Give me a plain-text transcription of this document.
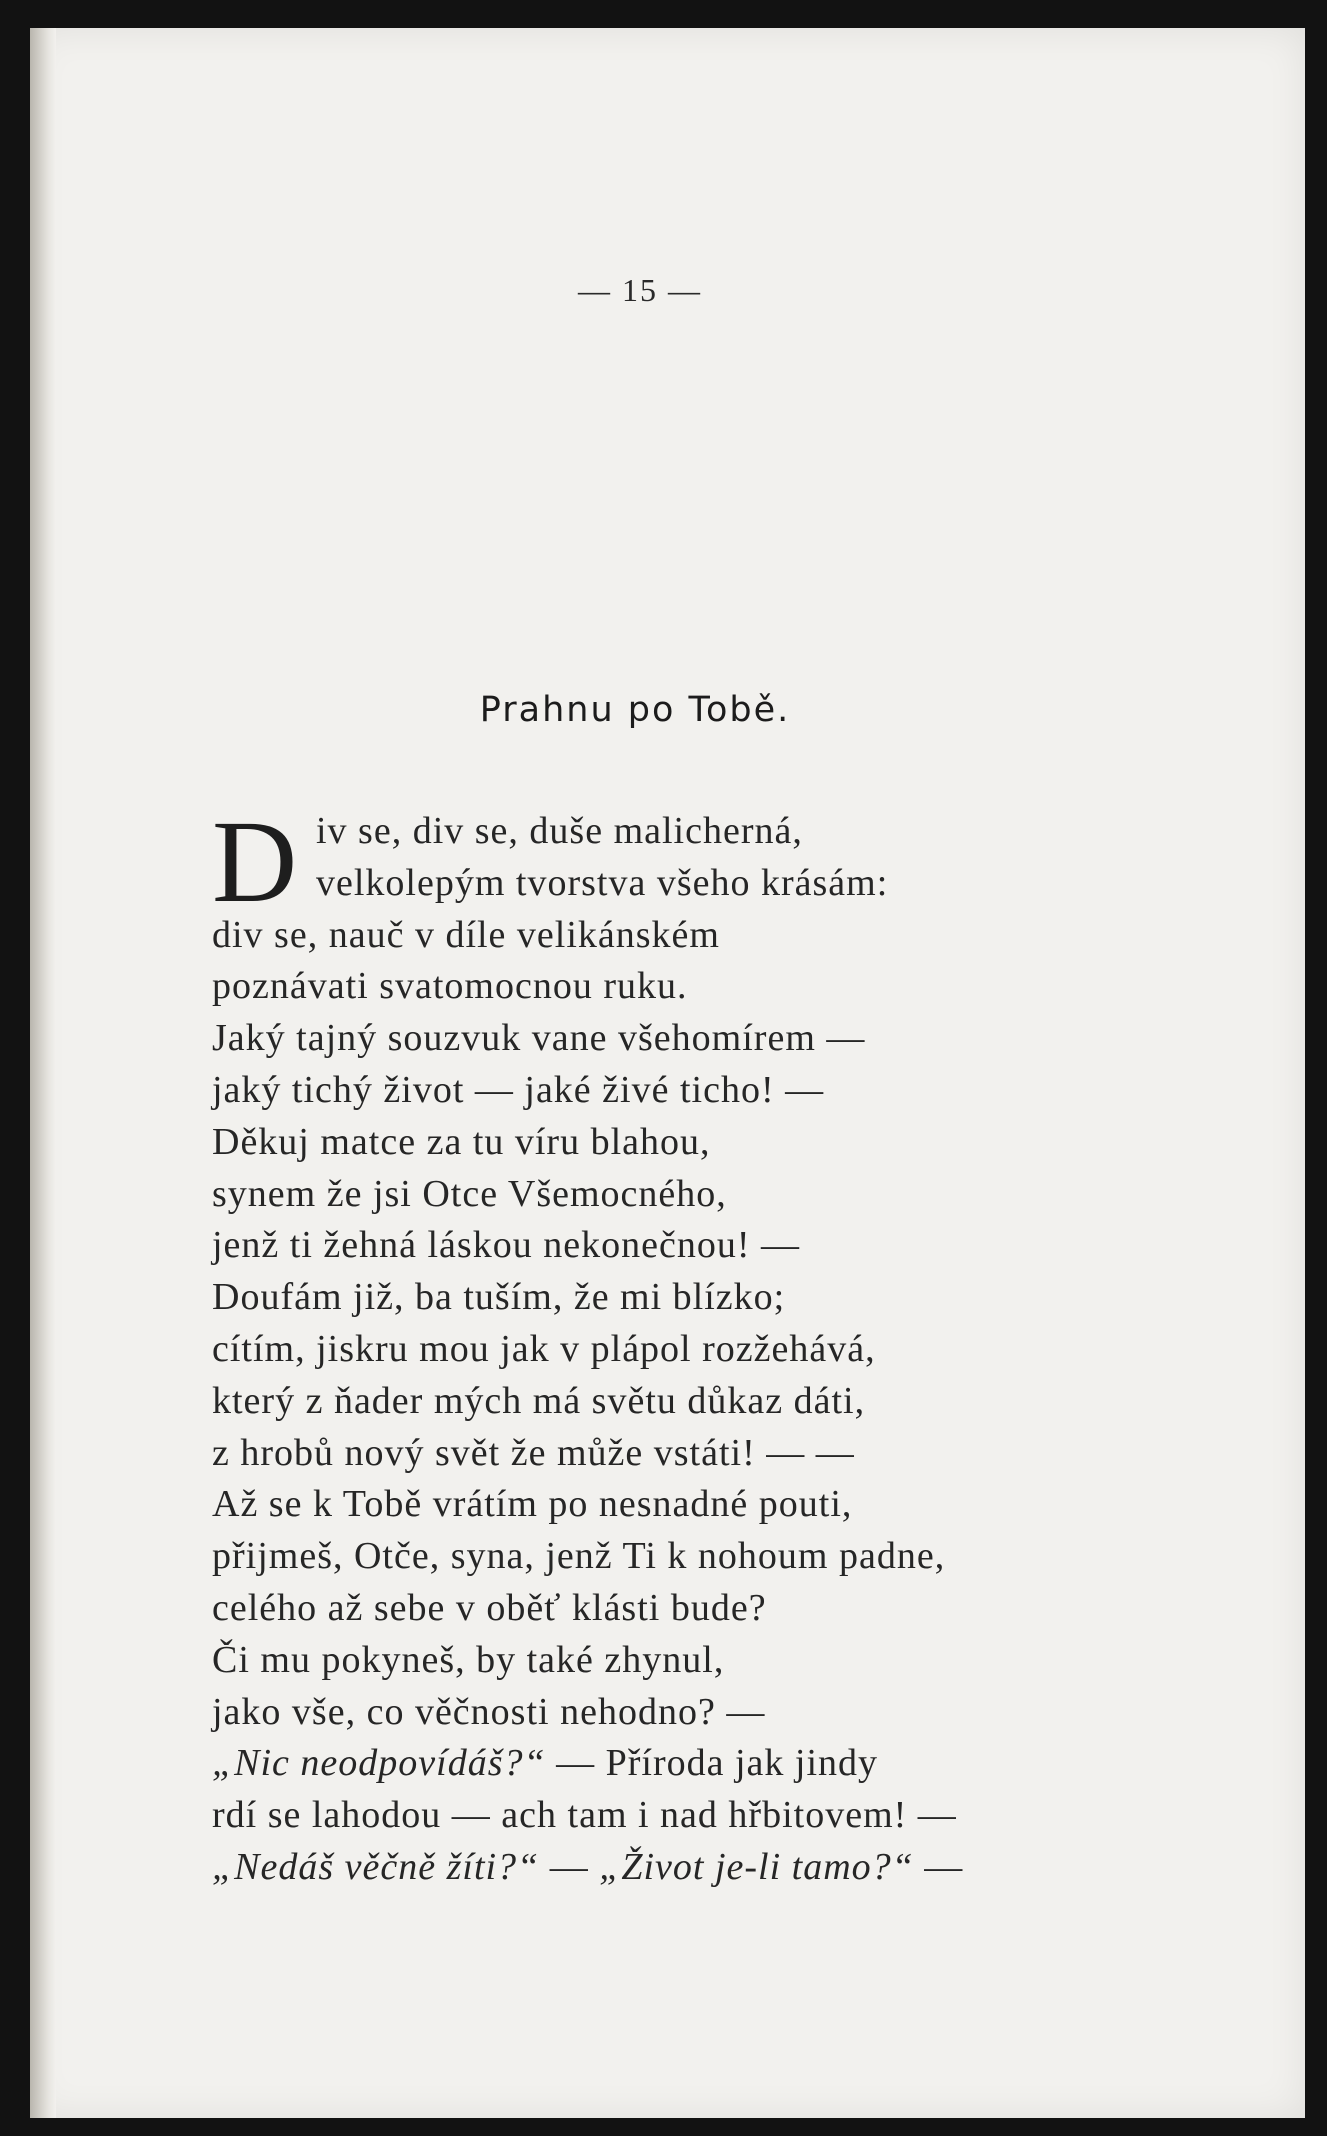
— 15 —

Prahnu po Tobě.
D iv se, div se, duše malicherná,
velkolepým tvorstva všeho krásám:
div se, nauč v díle velikánském
poznávati svatomocnou ruku.
Jaký tajný souzvuk vane všehomírem —
jaký tichý život — jaké živé ticho! —
Děkuj matce za tu víru blahou,
synem že jsi Otce Všemocného,
jenž ti žehná láskou nekonečnou! —
Doufám již, ba tuším, že mi blízko;
cítím, jiskru mou jak v plápol rozžehává,
který z ňader mých má světu důkaz dáti,
z hrobů nový svět že může vstáti! — —
Až se k Tobě vrátím po nesnadné pouti,
přijmeš, Otče, syna, jenž Ti k nohoum padne,
celého až sebe v oběť klásti bude?
Či mu pokyneš, by také zhynul,
jako vše, co věčnosti nehodno? —
„Nic neodpovídáš?“ — Příroda jak jindy
rdí se lahodou — ach tam i nad hřbitovem! —
„Nedáš věčně žíti?“ — „Život je-li tamo?“ —
